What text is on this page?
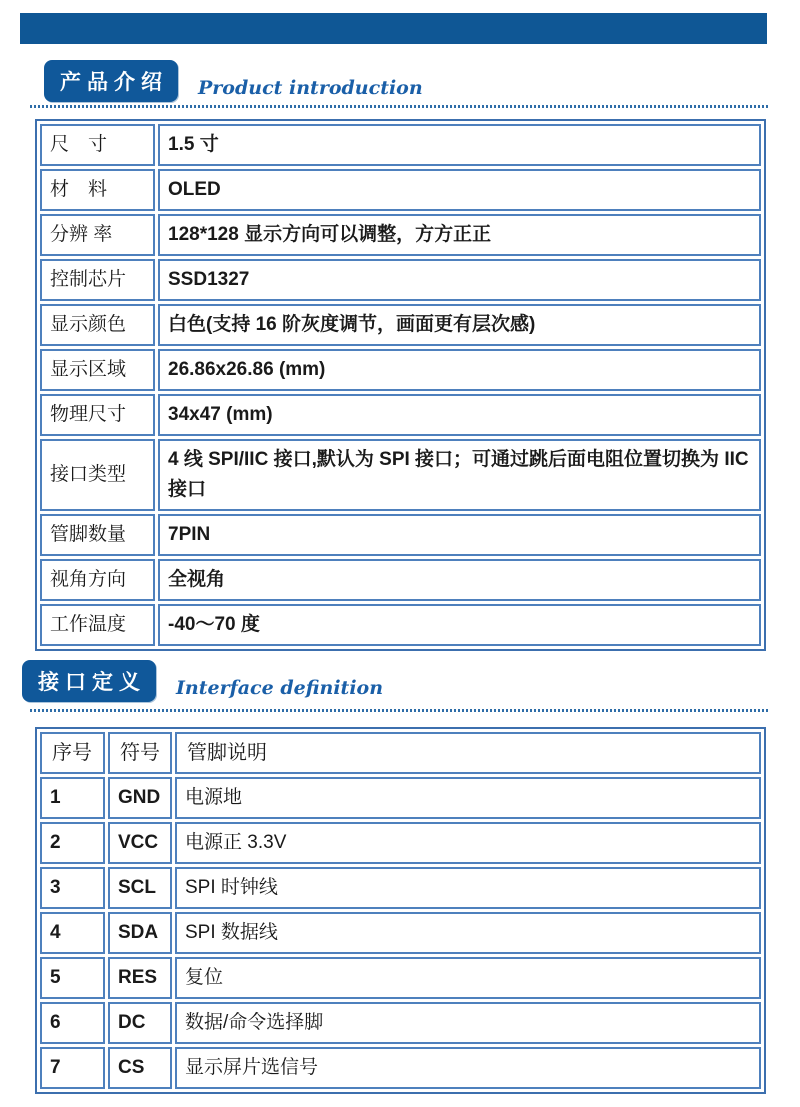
产品介绍	Product introduction
尺　寸	1.5 寸
材　料	OLED
分辨 率	128*128 显示方向可以调整，方方正正
控制芯片	SSD1327
显示颜色	白色(支持 16 阶灰度调节，画面更有层次感)
显示区域	26.86x26.86 (mm)
物理尺寸	34x47 (mm)
接口类型	4 线 SPI/IIC 接口,默认为 SPI 接口；可通过跳后面电阻位置切换为 IIC 接口
管脚数量	7PIN
视角方向	全视角
工作温度	-40～70 度
接口定义	Interface definition
序号	符号	管脚说明
1	GND	电源地
2	VCC	电源正 3.3V
3	SCL	SPI 时钟线
4	SDA	SPI 数据线
5	RES	复位
6	DC	数据/命令选择脚
7	CS	显示屏片选信号
